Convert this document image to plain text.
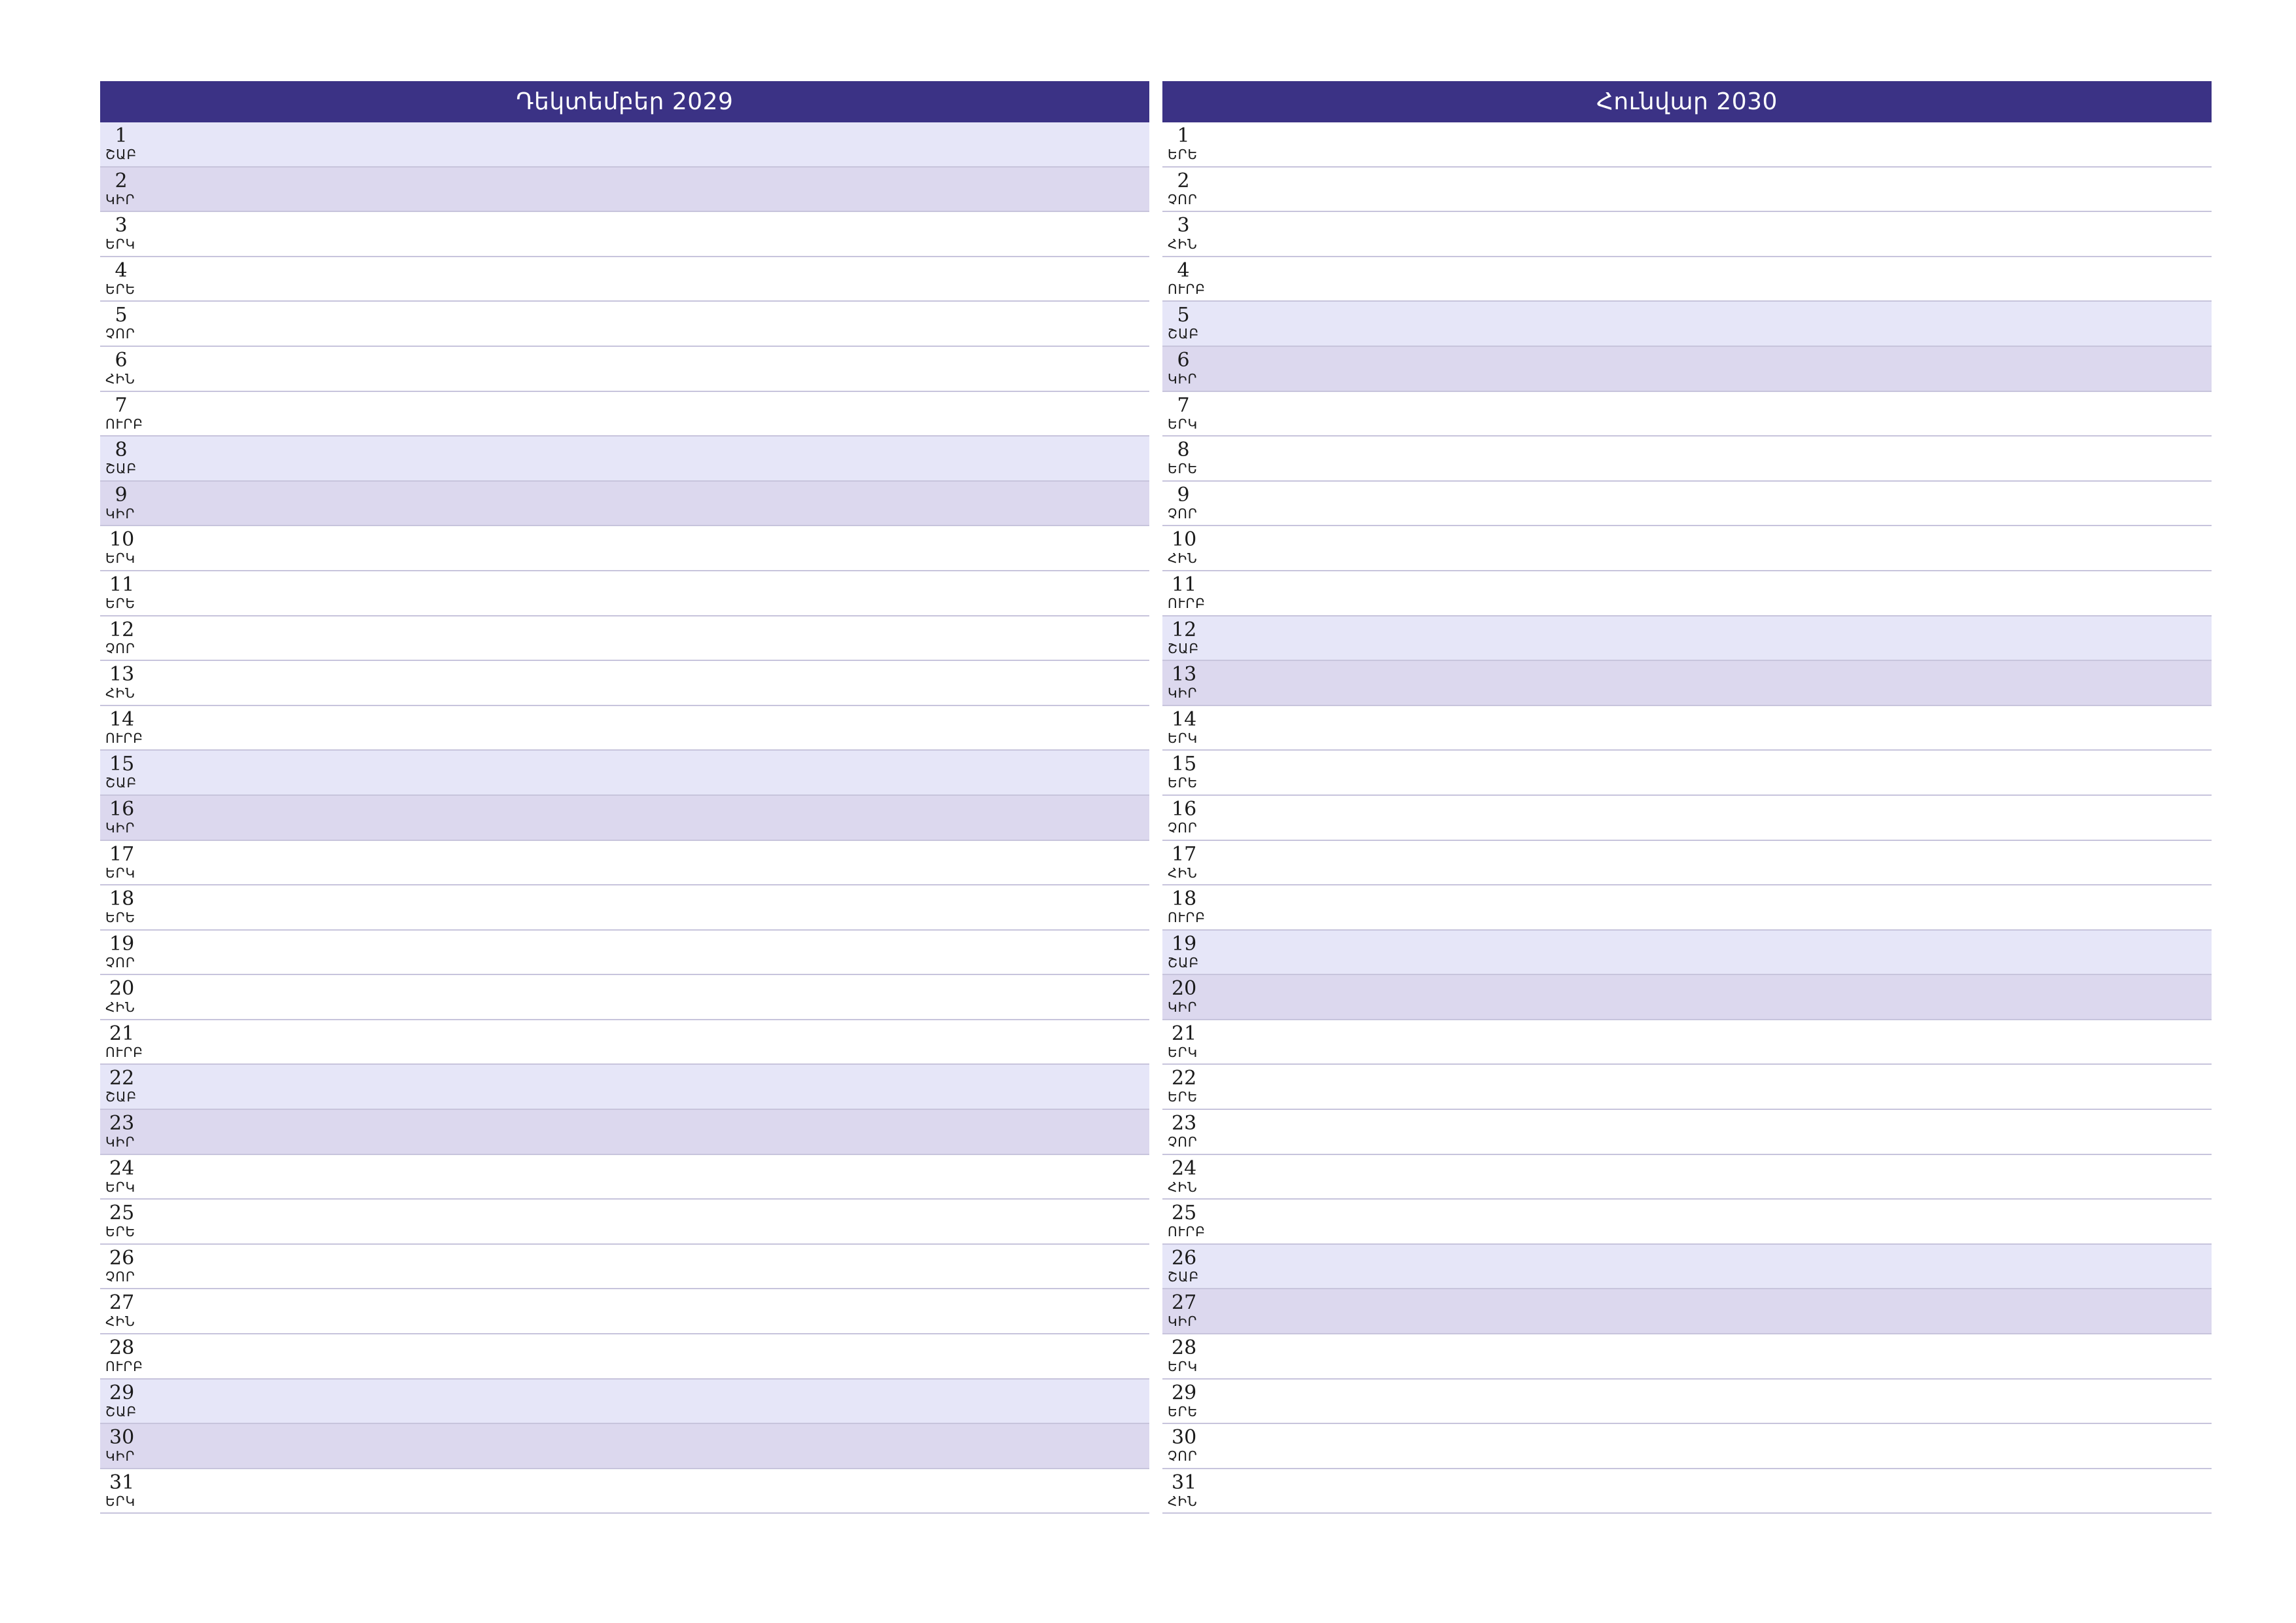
Դեկտեմբեր 2029
1
ՇԱԲ
2
ԿԻՐ
3
ԵՐԿ
4
ԵՐԵ
5
ՉՈՐ
6
ՀԻՆ
7
ՈՒՐԲ
8
ՇԱԲ
9
ԿԻՐ
10
ԵՐԿ
11
ԵՐԵ
12
ՉՈՐ
13
ՀԻՆ
14
ՈՒՐԲ
15
ՇԱԲ
16
ԿԻՐ
17
ԵՐԿ
18
ԵՐԵ
19
ՉՈՐ
20
ՀԻՆ
21
ՈՒՐԲ
22
ՇԱԲ
23
ԿԻՐ
24
ԵՐԿ
25
ԵՐԵ
26
ՉՈՐ
27
ՀԻՆ
28
ՈՒՐԲ
29
ՇԱԲ
30
ԿԻՐ
31
ԵՐԿ
Հունվար 2030
1
ԵՐԵ
2
ՉՈՐ
3
ՀԻՆ
4
ՈՒՐԲ
5
ՇԱԲ
6
ԿԻՐ
7
ԵՐԿ
8
ԵՐԵ
9
ՉՈՐ
10
ՀԻՆ
11
ՈՒՐԲ
12
ՇԱԲ
13
ԿԻՐ
14
ԵՐԿ
15
ԵՐԵ
16
ՉՈՐ
17
ՀԻՆ
18
ՈՒՐԲ
19
ՇԱԲ
20
ԿԻՐ
21
ԵՐԿ
22
ԵՐԵ
23
ՉՈՐ
24
ՀԻՆ
25
ՈՒՐԲ
26
ՇԱԲ
27
ԿԻՐ
28
ԵՐԿ
29
ԵՐԵ
30
ՉՈՐ
31
ՀԻՆ
